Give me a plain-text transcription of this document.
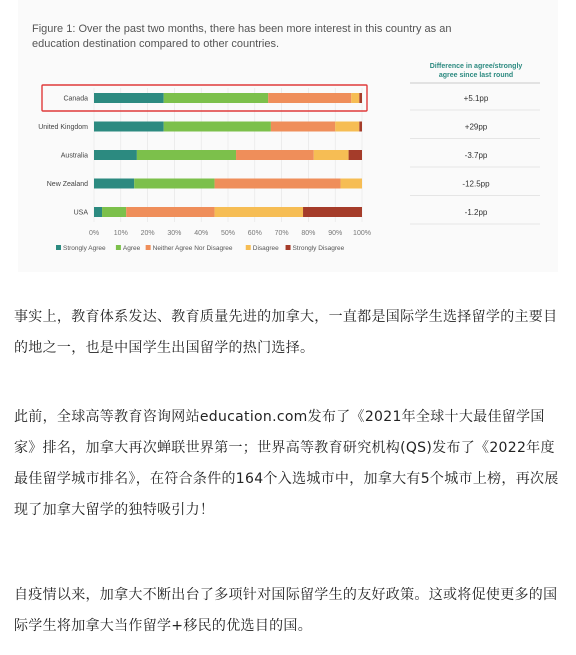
Figure 1: Over the past two months, there has been more interest in this country as an education destination compared to other countries.
0% 10% 20% 30% 40% 50% 60% 70% 80% 90% 100%
Canada
United Kingdom
Australia
New Zealand
USA
Strongly Agree	Agree Neither Agree Nor Disagree	Disagree Strongly Disagree
Difference in agree/strongly
agree since last round
+5.1pp
+29pp
-3.7pp
-12.5pp
-1.2pp

事实上，教育体系发达、教育质量先进的加拿大，一直都是国际学生选择留学的主要目的地之一，也是中国学生出国留学的热门选择。

此前，全球高等教育咨询网站education.com发布了《2021年全球十大最佳留学国家》排名，加拿大再次蝉联世界第一；世界高等教育研究机构(QS)发布了《2022年度最佳留学城市排名》，在符合条件的164个入选城市中，加拿大有5个城市上榜，再次展现了加拿大留学的独特吸引力！

自疫情以来，加拿大不断出台了多项针对国际留学生的友好政策。这或将促使更多的国际学生将加拿大当作留学+移民的优选目的国。
